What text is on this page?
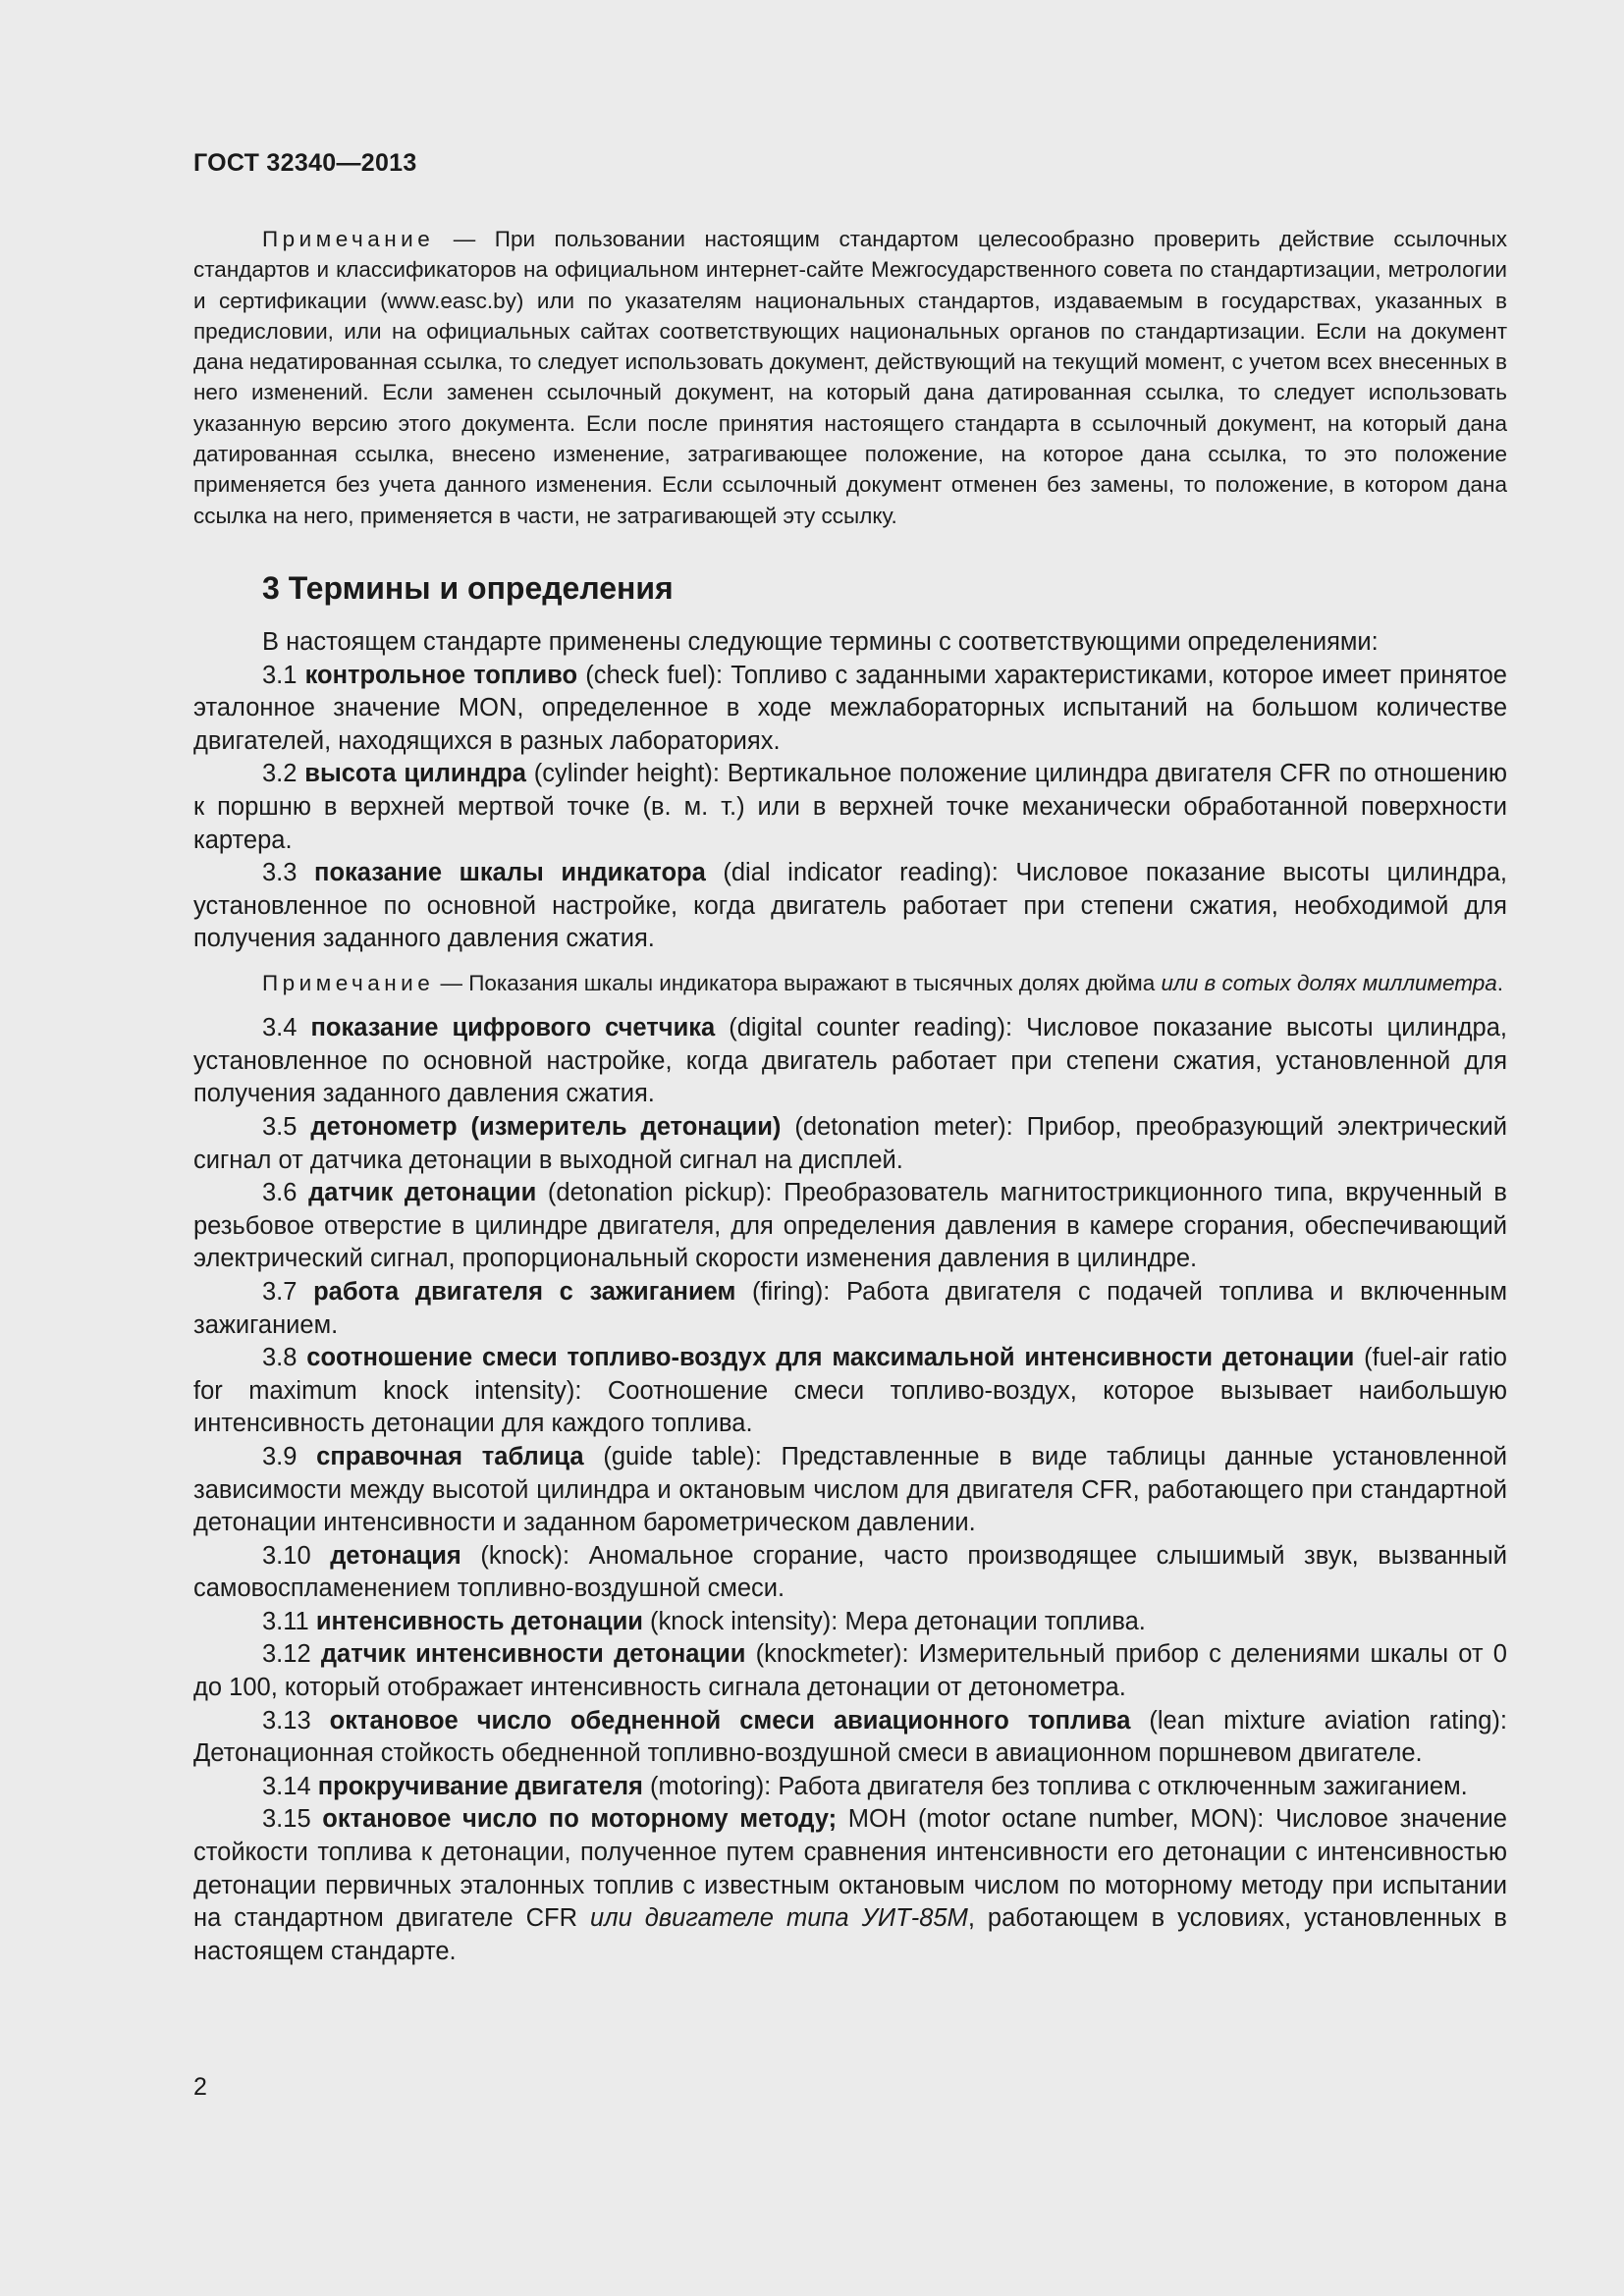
ГОСТ 32340—2013

Примечание — При пользовании настоящим стандартом целесообразно проверить действие ссылочных стандартов и классификаторов на официальном интернет-сайте Межгосударственного совета по стандартизации, метрологии и сертификации (www.easc.by) или по указателям национальных стандартов, издаваемым в государствах, указанных в предисловии, или на официальных сайтах соответствующих национальных органов по стандартизации. Если на документ дана недатированная ссылка, то следует использовать документ, действующий на текущий момент, с учетом всех внесенных в него изменений. Если заменен ссылочный документ, на который дана датированная ссылка, то следует использовать указанную версию этого документа. Если после принятия настоящего стандарта в ссылочный документ, на который дана датированная ссылка, внесено изменение, затрагивающее положение, на которое дана ссылка, то это положение применяется без учета данного изменения. Если ссылочный документ отменен без замены, то положение, в котором дана ссылка на него, применяется в части, не затрагивающей эту ссылку.

3 Термины и определения

В настоящем стандарте применены следующие термины с соответствующими определениями:

3.1 контрольное топливо (check fuel): Топливо с заданными характеристиками, которое имеет принятое эталонное значение MON, определенное в ходе межлабораторных испытаний на большом количестве двигателей, находящихся в разных лабораториях.

3.2 высота цилиндра (cylinder height): Вертикальное положение цилиндра двигателя CFR по отношению к поршню в верхней мертвой точке (в. м. т.) или в верхней точке механически обработанной поверхности картера.

3.3 показание шкалы индикатора (dial indicator reading): Числовое показание высоты цилиндра, установленное по основной настройке, когда двигатель работает при степени сжатия, необходимой для получения заданного давления сжатия.

Примечание — Показания шкалы индикатора выражают в тысячных долях дюйма или в сотых долях миллиметра.

3.4 показание цифрового счетчика (digital counter reading): Числовое показание высоты цилиндра, установленное по основной настройке, когда двигатель работает при степени сжатия, установленной для получения заданного давления сжатия.

3.5 детонометр (измеритель детонации) (detonation meter): Прибор, преобразующий электрический сигнал от датчика детонации в выходной сигнал на дисплей.

3.6 датчик детонации (detonation pickup): Преобразователь магнитострикционного типа, вкрученный в резьбовое отверстие в цилиндре двигателя, для определения давления в камере сгорания, обеспечивающий электрический сигнал, пропорциональный скорости изменения давления в цилиндре.

3.7 работа двигателя с зажиганием (firing): Работа двигателя с подачей топлива и включенным зажиганием.

3.8 соотношение смеси топливо-воздух для максимальной интенсивности детонации (fuel-air ratio for maximum knock intensity): Соотношение смеси топливо-воздух, которое вызывает наибольшую интенсивность детонации для каждого топлива.

3.9 справочная таблица (guide table): Представленные в виде таблицы данные установленной зависимости между высотой цилиндра и октановым числом для двигателя CFR, работающего при стандартной детонации интенсивности и заданном барометрическом давлении.

3.10 детонация (knock): Аномальное сгорание, часто производящее слышимый звук, вызванный самовоспламенением топливно-воздушной смеси.

3.11 интенсивность детонации (knock intensity): Мера детонации топлива.

3.12 датчик интенсивности детонации (knockmeter): Измерительный прибор с делениями шкалы от 0 до 100, который отображает интенсивность сигнала детонации от детонометра.

3.13 октановое число обедненной смеси авиационного топлива (lean mixture aviation rating): Детонационная стойкость обедненной топливно-воздушной смеси в авиационном поршневом двигателе.

3.14 прокручивание двигателя (motoring): Работа двигателя без топлива с отключенным зажиганием.

3.15 октановое число по моторному методу; МОН (motor octane number, MON): Числовое значение стойкости топлива к детонации, полученное путем сравнения интенсивности его детонации с интенсивностью детонации первичных эталонных топлив с известным октановым числом по моторному методу при испытании на стандартном двигателе CFR или двигателе типа УИТ-85М, работающем в условиях, установленных в настоящем стандарте.

2
